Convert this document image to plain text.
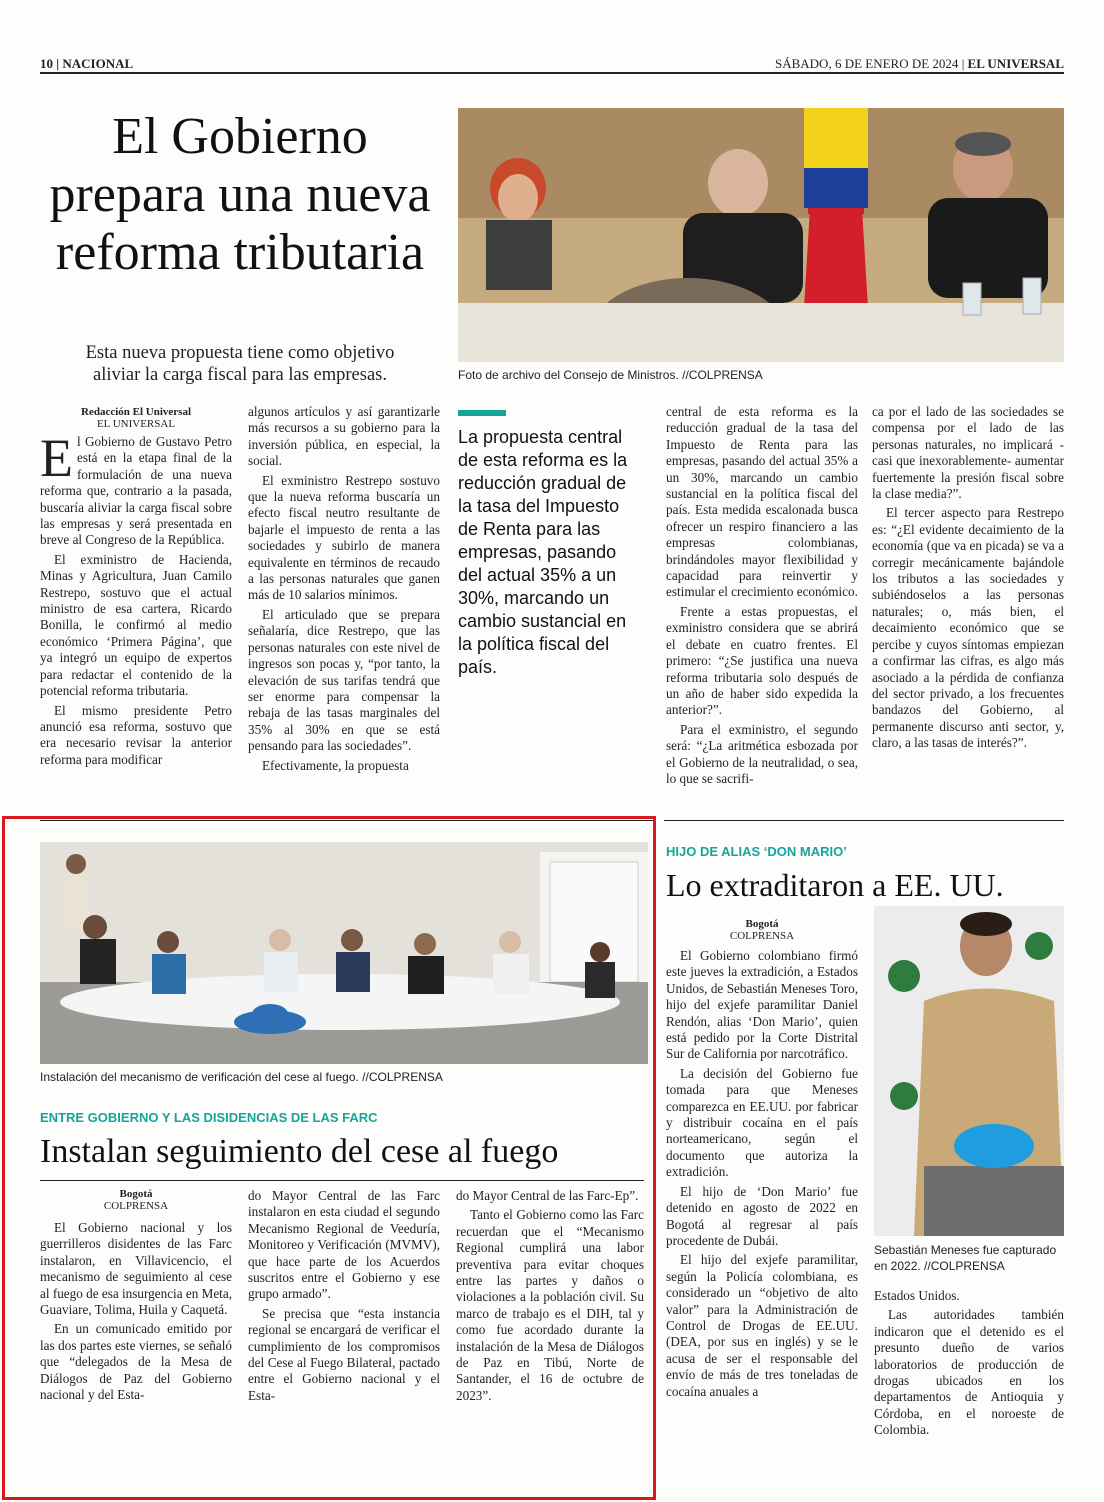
10 | NACIONAL	SÁBADO, 6 DE ENERO DE 2024 | EL UNIVERSAL
El Gobierno prepara una nueva reforma tributaria
Esta nueva propuesta tiene como objetivo aliviar la carga fiscal para las empresas.	Foto de archivo del Consejo de Ministros. //COLPRENSA
Redacción El Universal
EL UNIVERSAL

El Gobierno de Gustavo Petro está en la etapa final de la formulación de una nueva reforma que, contrario a la pasada, buscaría aliviar la carga fiscal sobre las empresas y será presentada en breve al Congreso de la República.

El exministro de Hacienda, Minas y Agricultura, Juan Camilo Restrepo, sostuvo que el actual ministro de esa cartera, Ricardo Bonilla, le confirmó al medio económico ‘Primera Página’, que ya integró un equipo de expertos para redactar el contenido de la potencial reforma tributaria.

El mismo presidente Petro anunció esa reforma, sostuvo que era necesario revisar la anterior reforma para modificar

algunos artículos y así garantizarle más recursos a su gobierno para la inversión pública, en especial, la social.

El exministro Restrepo sostuvo que la nueva reforma buscaría un efecto fiscal neutro resultante de bajarle el impuesto de renta a las sociedades y subirlo de manera equivalente en términos de recaudo a las personas naturales que ganen más de 10 salarios mínimos.

El articulado que se prepara señalaría, dice Restrepo, que las personas naturales con este nivel de ingresos son pocas y, “por tanto, la elevación de sus tarifas tendrá que ser enorme para compensar la rebaja de las tasas marginales del 35% al 30% en que se está pensando para las sociedades”.

Efectivamente, la propuesta

La propuesta central de esta reforma es la reducción gradual de la tasa del Impuesto de Renta para las empresas, pasando del actual 35% a un 30%, marcando un cambio sustancial en la política fiscal del país.

central de esta reforma es la reducción gradual de la tasa del Impuesto de Renta para las empresas, pasando del actual 35% a un 30%, marcando un cambio sustancial en la política fiscal del país. Esta medida escalonada busca ofrecer un respiro financiero a las empresas colombianas, brindándoles mayor flexibilidad y capacidad para reinvertir y estimular el crecimiento económico.

Frente a estas propuestas, el exministro considera que se abrirá el debate en cuatro frentes. El primero: “¿Se justifica una nueva reforma tributaria solo después de un año de haber sido expedida la anterior?”.

Para el exministro, el segundo será: “¿La aritmética esbozada por el Gobierno de la neutralidad, o sea, lo que se sacrifi-

ca por el lado de las sociedades se compensa por el lado de las personas naturales, no implicará -casi que inexorablemente- aumentar fuertemente la presión fiscal sobre la clase media?”.

El tercer aspecto para Restrepo es: “¿El evidente decaimiento de la economía (que va en picada) se va a corregir mecánicamente bajándole los tributos a las sociedades y subiéndoselos a las personas naturales; o, más bien, el decaimiento económico que se percibe y cuyos síntomas empiezan a confirmar las cifras, es algo más asociado a la pérdida de confianza del sector privado, a los frecuentes bandazos del Gobierno, al permanente discurso anti sector, y, claro, a las tasas de interés?”.

Instalación del mecanismo de verificación del cese al fuego. //COLPRENSA
ENTRE GOBIERNO Y LAS DISIDENCIAS DE LAS FARC
Instalan seguimiento del cese al fuego
Bogotá
COLPRENSA

El Gobierno nacional y los guerrilleros disidentes de las Farc instalaron, en Villavicencio, el mecanismo de seguimiento al cese al fuego de esa insurgencia en Meta, Guaviare, Tolima, Huila y Caquetá.

En un comunicado emitido por las dos partes este viernes, se señaló que “delegados de la Mesa de Diálogos de Paz del Gobierno nacional y del Esta-

do Mayor Central de las Farc instalaron en esta ciudad el segundo Mecanismo Regional de Veeduría, Monitoreo y Verificación (MVMV), que hace parte de los Acuerdos suscritos entre el Gobierno y ese grupo armado”.

Se precisa que “esta instancia regional se encargará de verificar el cumplimiento de los compromisos del Cese al Fuego Bilateral, pactado entre el Gobierno nacional y el Esta-

do Mayor Central de las Farc-Ep”.

Tanto el Gobierno como las Farc recuerdan que el “Mecanismo Regional cumplirá una labor preventiva para evitar choques entre las partes y daños o violaciones a la población civil. Su marco de trabajo es el DIH, tal y como fue acordado durante la instalación de la Mesa de Diálogos de Paz en Tibú, Norte de Santander, el 16 de octubre de 2023”.

HIJO DE ALIAS ‘DON MARIO’
Lo extraditaron a EE. UU.
Bogotá
COLPRENSA

El Gobierno colombiano firmó este jueves la extradición, a Estados Unidos, de Sebastián Meneses Toro, hijo del exjefe paramilitar Daniel Rendón, alias ‘Don Mario’, quien está pedido por la Corte Distrital Sur de California por narcotráfico.

La decisión del Gobierno fue tomada para que Meneses comparezca en EE.UU. por fabricar y distribuir cocaína en el país norteamericano, según el documento que autoriza la extradición.

El hijo de ‘Don Mario’ fue detenido en agosto de 2022 en Bogotá al regresar al país procedente de Dubái.

El hijo del exjefe paramilitar, según la Policía colombiana, es considerado un “objetivo de alto valor” para la Administración de Control de Drogas de EE.UU. (DEA, por sus en inglés) y se le acusa de ser el responsable del envío de más de tres toneladas de cocaína anuales a

Sebastián Meneses fue capturado en 2022. //COLPRENSA

Estados Unidos.

Las autoridades también indicaron que el detenido es el presunto dueño de varios laboratorios de producción de drogas ubicados en los departamentos de Antioquia y Córdoba, en el noroeste de Colombia.
